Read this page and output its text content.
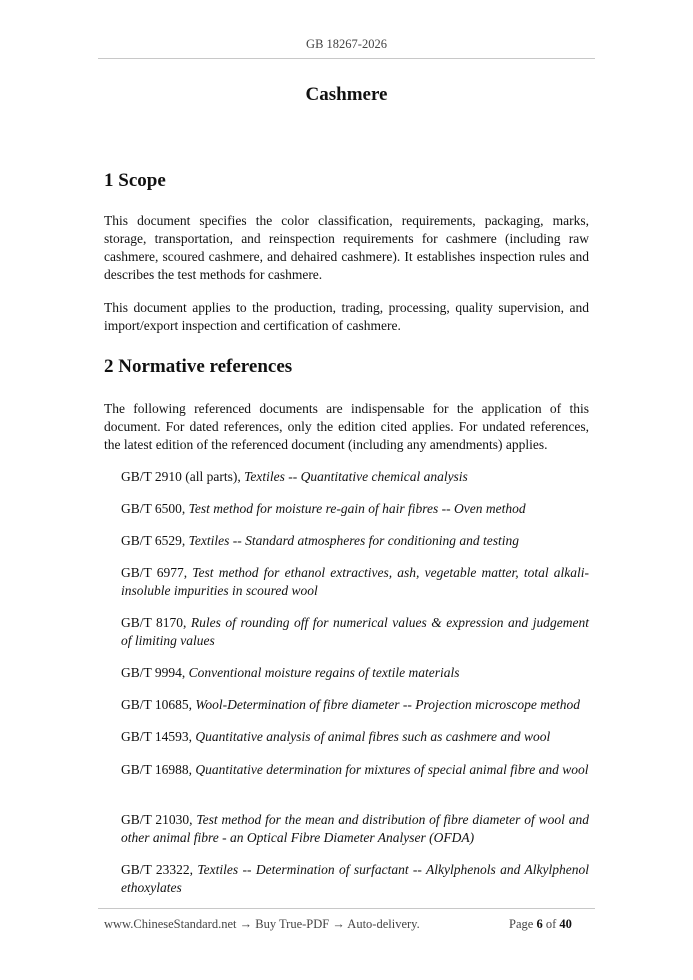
GB 18267-2026
Cashmere
1 Scope
This document specifies the color classification, requirements, packaging, marks, storage, transportation, and reinspection requirements for cashmere (including raw cashmere, scoured cashmere, and dehaired cashmere). It establishes inspection rules and describes the test methods for cashmere.
This document applies to the production, trading, processing, quality supervision, and import/export inspection and certification of cashmere.
2 Normative references
The following referenced documents are indispensable for the application of this document. For dated references, only the edition cited applies. For undated references, the latest edition of the referenced document (including any amendments) applies.
GB/T 2910 (all parts), Textiles -- Quantitative chemical analysis
GB/T 6500, Test method for moisture re-gain of hair fibres -- Oven method
GB/T 6529, Textiles -- Standard atmospheres for conditioning and testing
GB/T 6977, Test method for ethanol extractives, ash, vegetable matter, total alkali-insoluble impurities in scoured wool
GB/T 8170, Rules of rounding off for numerical values & expression and judgement of limiting values
GB/T 9994, Conventional moisture regains of textile materials
GB/T 10685, Wool-Determination of fibre diameter -- Projection microscope method
GB/T 14593, Quantitative analysis of animal fibres such as cashmere and wool
GB/T 16988, Quantitative determination for mixtures of special animal fibre and wool
GB/T 21030, Test method for the mean and distribution of fibre diameter of wool and other animal fibre - an Optical Fibre Diameter Analyser (OFDA)
GB/T 23322, Textiles -- Determination of surfactant -- Alkylphenols and Alkylphenol ethoxylates
www.ChineseStandard.net → Buy True-PDF → Auto-delivery.	Page 6 of 40
